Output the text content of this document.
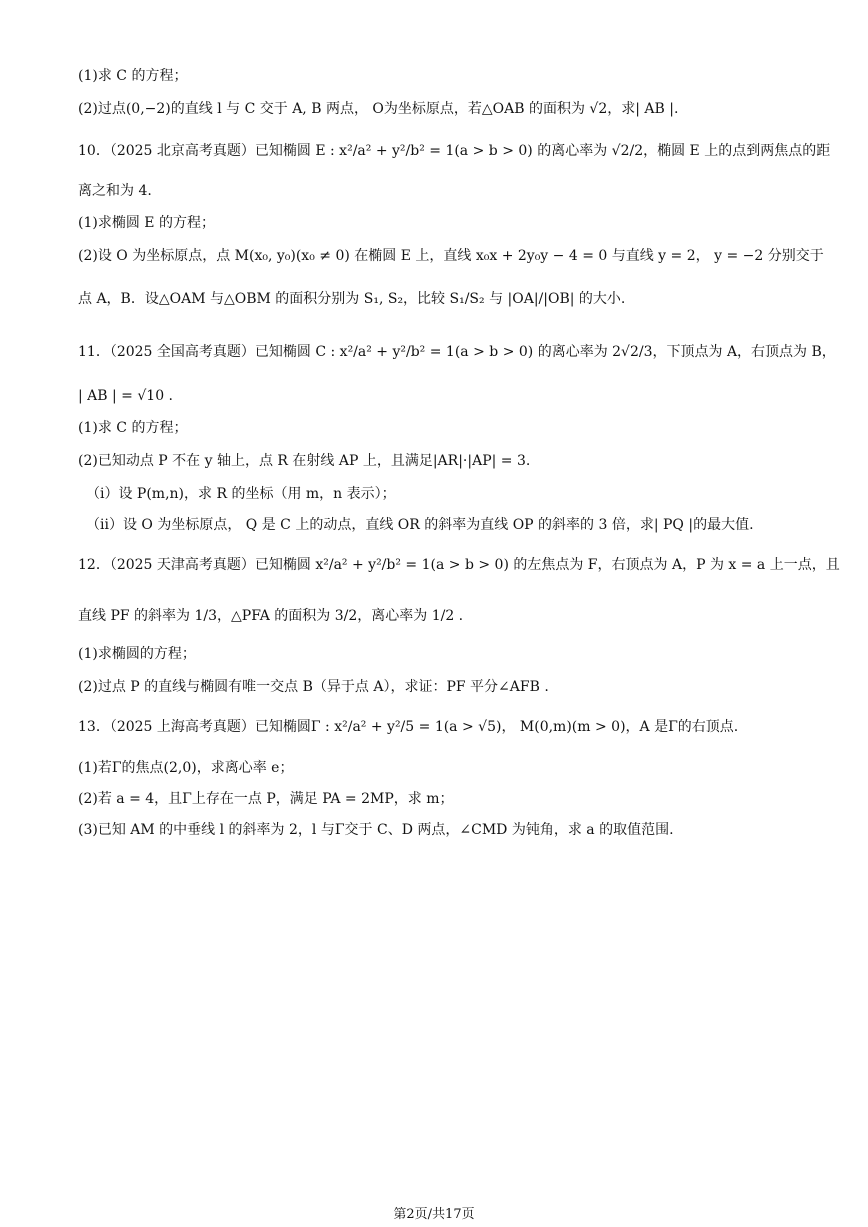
(1)求 C 的方程；
(2)过点(0,−2)的直线 l 与 C 交于 A, B 两点， O为坐标原点，若△OAB 的面积为 √2，求| AB |.
10．（2025 北京高考真题）已知椭圆 E : x²/a² + y²/b² = 1(a > b > 0) 的离心率为 √2/2，椭圆 E 上的点到两焦点的距
离之和为 4.
(1)求椭圆 E 的方程；
(2)设 O 为坐标原点，点 M(x₀, y₀)(x₀ ≠ 0) 在椭圆 E 上，直线 x₀x + 2y₀y − 4 = 0 与直线 y = 2， y = −2 分别交于
点 A，B．设△OAM 与△OBM 的面积分别为 S₁, S₂，比较 S₁/S₂ 与 |OA|/|OB| 的大小.
11．（2025 全国高考真题）已知椭圆 C : x²/a² + y²/b² = 1(a > b > 0) 的离心率为 2√2/3，下顶点为 A，右顶点为 B，
| AB | = √10 .
(1)求 C 的方程；
(2)已知动点 P 不在 y 轴上，点 R 在射线 AP 上，且满足|AR|·|AP| = 3.
（i）设 P(m,n)，求 R 的坐标（用 m，n 表示）；
（ii）设 O 为坐标原点， Q 是 C 上的动点，直线 OR 的斜率为直线 OP 的斜率的 3 倍，求| PQ |的最大值.
12．（2025 天津高考真题）已知椭圆 x²/a² + y²/b² = 1(a > b > 0) 的左焦点为 F，右顶点为 A，P 为 x = a 上一点，且
直线 PF 的斜率为 1/3，△PFA 的面积为 3/2，离心率为 1/2 .
(1)求椭圆的方程；
(2)过点 P 的直线与椭圆有唯一交点 B（异于点 A），求证：PF 平分∠AFB .
13．（2025 上海高考真题）已知椭圆Γ : x²/a² + y²/5 = 1(a > √5)， M(0,m)(m > 0)，A 是Γ的右顶点.
(1)若Γ的焦点(2,0)，求离心率 e；
(2)若 a = 4，且Γ上存在一点 P，满足 PA = 2MP，求 m；
(3)已知 AM 的中垂线 l 的斜率为 2，l 与Γ交于 C、D 两点，∠CMD 为钝角，求 a 的取值范围.
第2页/共17页
